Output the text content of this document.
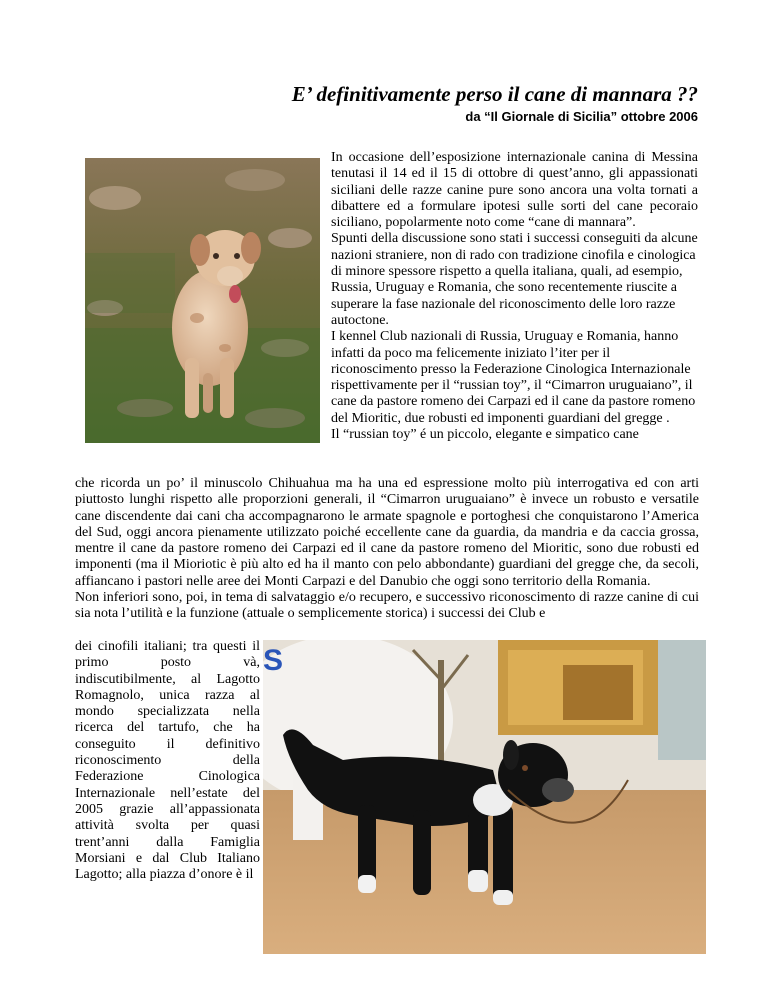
E’ definitivamente perso il cane di mannara ??
da “Il Giornale di Sicilia” ottobre 2006
In occasione dell’esposizione internazionale canina di Messina tenutasi il 14 ed il 15 di ottobre di quest’anno, gli appassionati siciliani delle razze canine pure sono ancora una volta tornati a dibattere ed a formulare ipotesi sulle sorti del cane pecoraio siciliano, popolarmente noto come “cane di mannara”.
Spunti della discussione sono stati i successi conseguiti da alcune nazioni straniere, non di rado con tradizione cinofila e cinologica di minore spessore rispetto a quella italiana, quali, ad esempio, Russia, Uruguay e Romania, che sono recentemente riuscite a superare la fase nazionale del riconoscimento delle loro razze autoctone.
I kennel Club nazionali di Russia, Uruguay e Romania, hanno infatti da poco ma felicemente iniziato l’iter per il riconoscimento presso la Federazione Cinologica Internazionale rispettivamente per il “russian toy”, il “Cimarron uruguaiano”, il cane da pastore romeno dei Carpazi ed il cane da pastore romeno del Mioritic, due robusti ed imponenti guardiani del gregge .
Il “russian toy” é un piccolo, elegante e simpatico cane
che ricorda un po’ il minuscolo Chihuahua ma ha una ed espressione molto più interrogativa ed con arti piuttosto lunghi rispetto alle proporzioni generali, il “Cimarron uruguaiano” è invece un robusto e versatile cane discendente dai cani cha accompagnarono le armate spagnole e portoghesi che conquistarono l’America del Sud, oggi ancora pienamente utilizzato poiché eccellente cane da guardia, da mandria e da caccia grossa, mentre il cane da pastore romeno dei Carpazi ed il cane da pastore romeno del Mioritic, sono due robusti ed imponenti (ma il Mioriotic è più alto ed ha il manto con pelo abbondante) guardiani del gregge che, da secoli, affiancano i pastori nelle aree dei Monti Carpazi e del Danubio che oggi sono territorio della Romania.
Non inferiori sono, poi, in tema di salvataggio e/o recupero, e successivo riconoscimento di razze canine di cui sia nota l’utilità e la funzione (attuale o semplicemente storica) i successi dei Club e
dei cinofili italiani; tra questi il primo posto và, indiscutibilmente, al Lagotto Romagnolo, unica razza al mondo specializzata nella ricerca del tartufo, che ha conseguito il definitivo riconoscimento della Federazione Cinologica Internazionale nell’estate del 2005 grazie all’appassionata attività svolta per quasi trent’anni dalla Famiglia Morsiani e dal Club Italiano Lagotto; alla piazza d’onore è il
S
